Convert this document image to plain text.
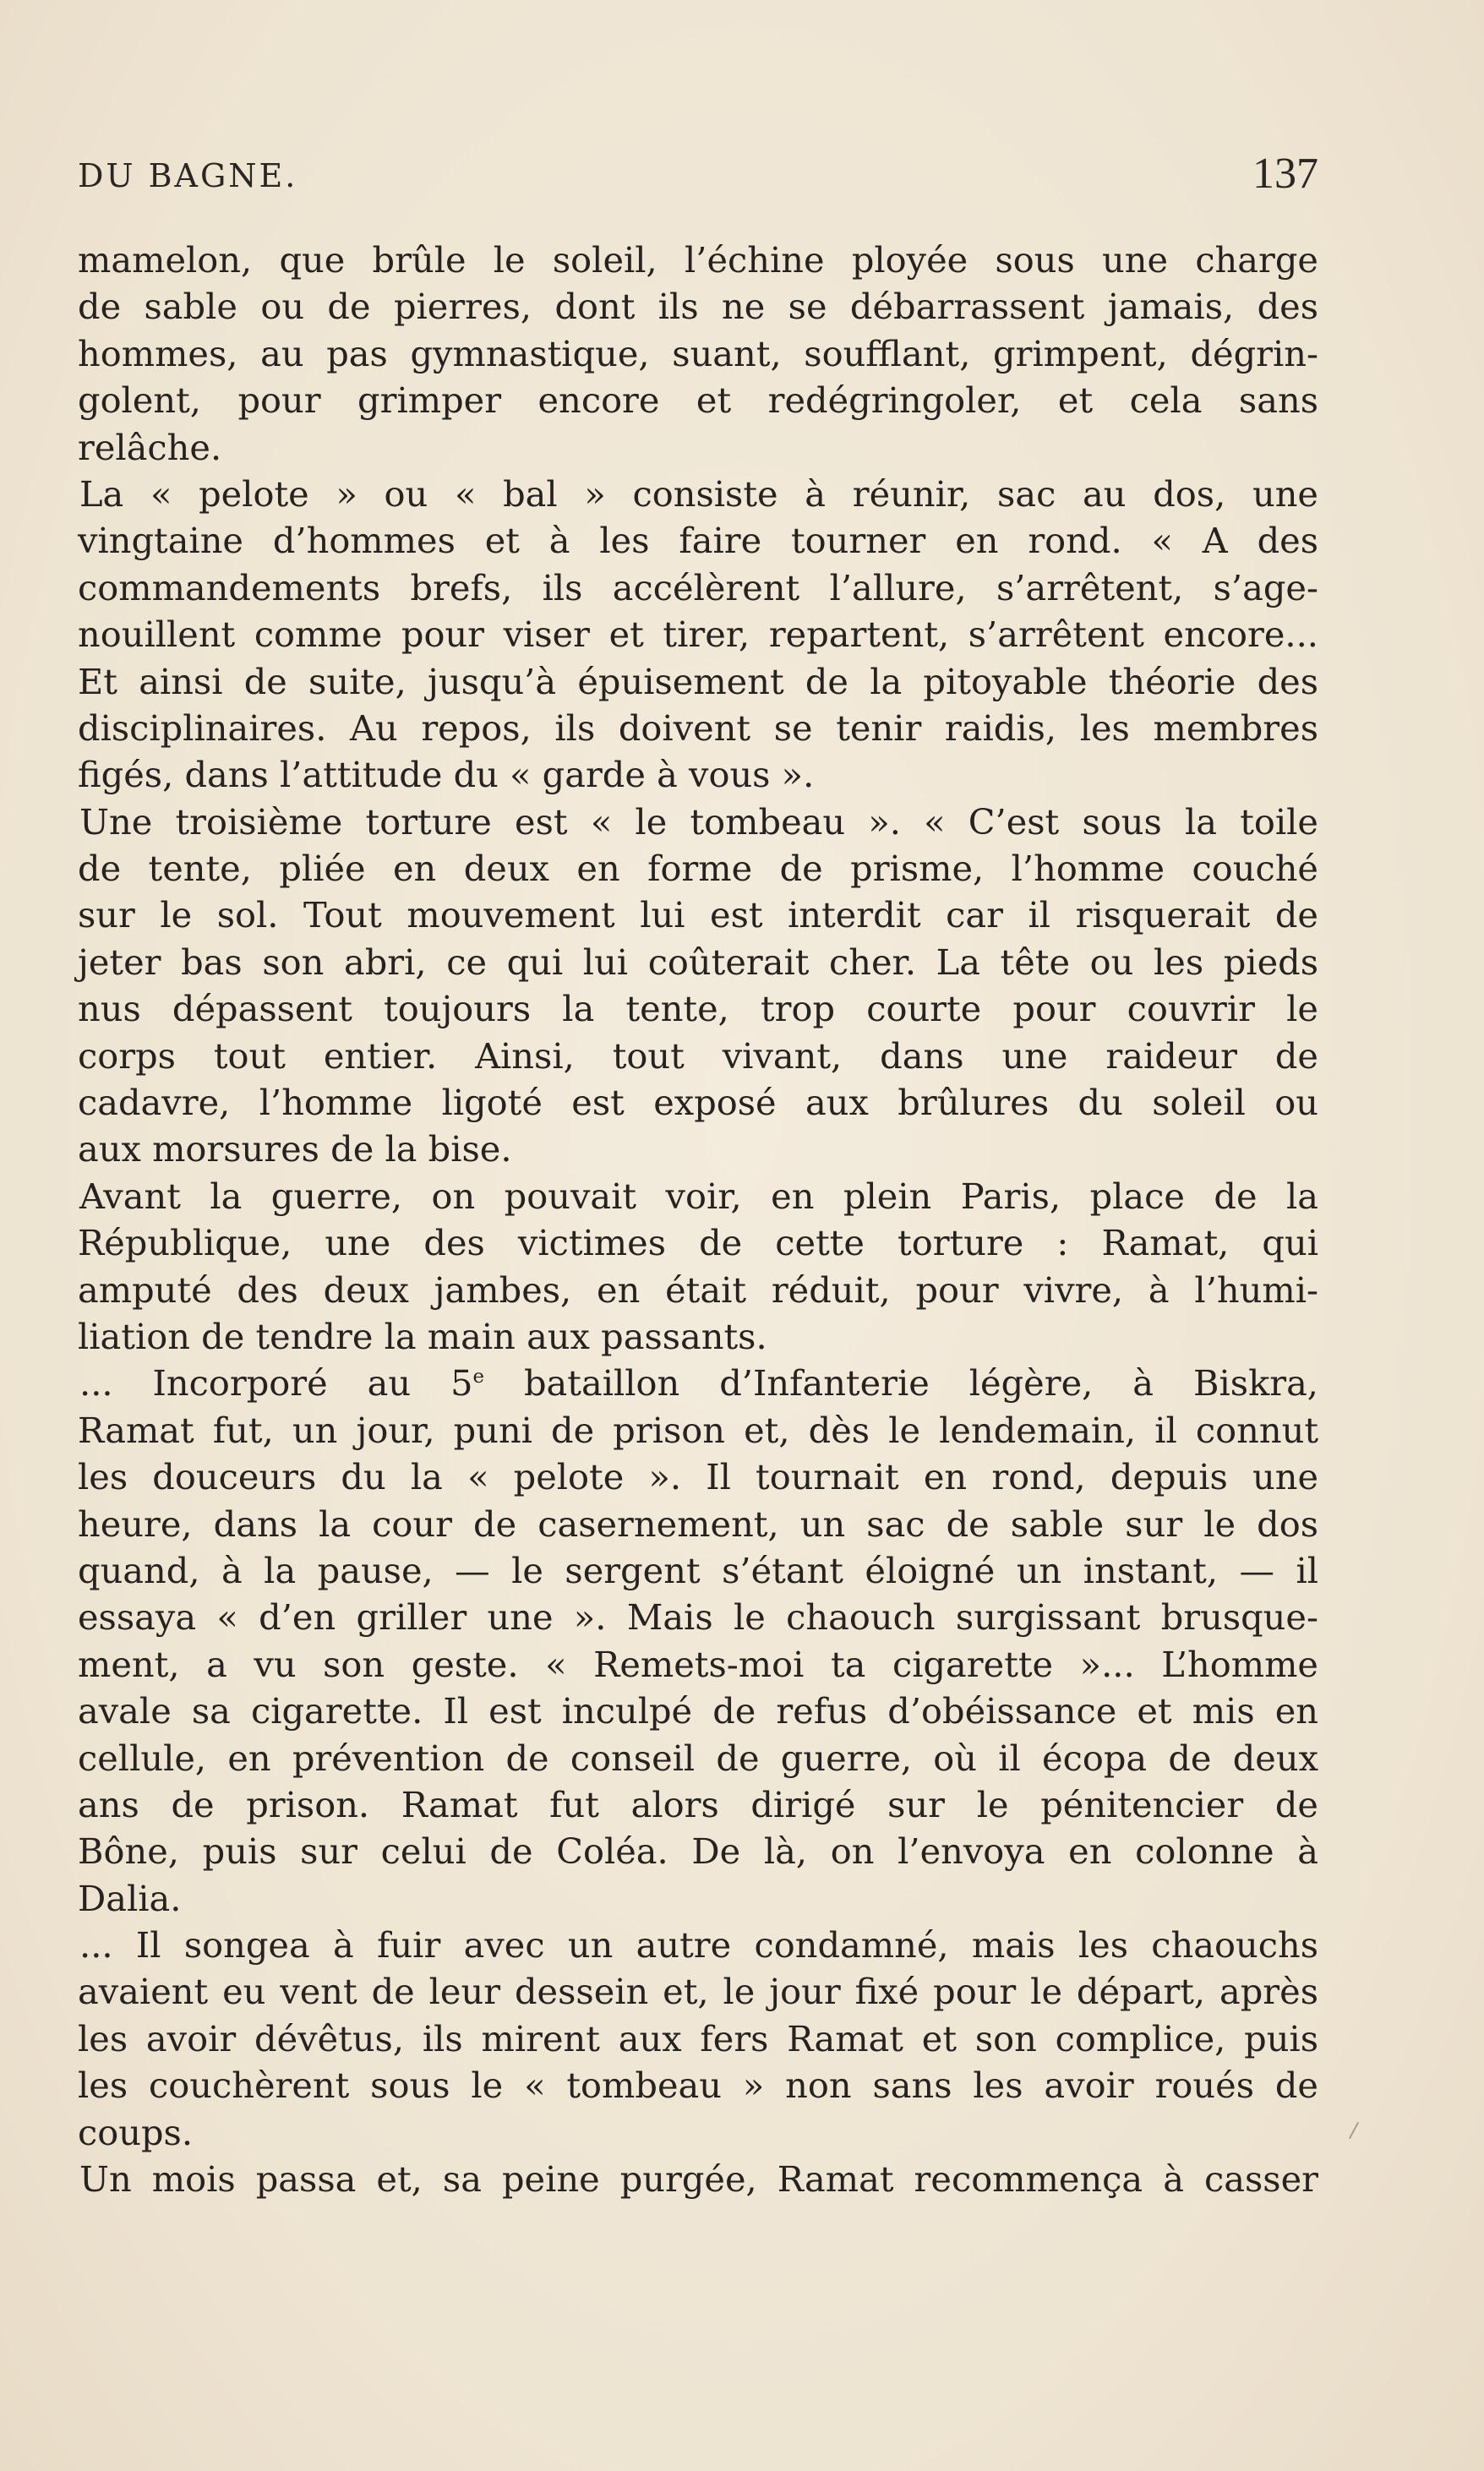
DU BAGNE.	137
mamelon, que brûle le soleil, l’échine ployée sous une charge
de sable ou de pierres, dont ils ne se débarrassent jamais, des
hommes, au pas gymnastique, suant, soufflant, grimpent, dégrin-
golent, pour grimper encore et redégringoler, et cela sans
relâche.
La « pelote » ou « bal » consiste à réunir, sac au dos, une
vingtaine d’hommes et à les faire tourner en rond. « A des
commandements brefs, ils accélèrent l’allure, s’arrêtent, s’age-
nouillent comme pour viser et tirer, repartent, s’arrêtent encore...
Et ainsi de suite, jusqu’à épuisement de la pitoyable théorie des
disciplinaires. Au repos, ils doivent se tenir raidis, les membres
figés, dans l’attitude du « garde à vous ».
Une troisième torture est « le tombeau ». « C’est sous la toile
de tente, pliée en deux en forme de prisme, l’homme couché
sur le sol. Tout mouvement lui est interdit car il risquerait de
jeter bas son abri, ce qui lui coûterait cher. La tête ou les pieds
nus dépassent toujours la tente, trop courte pour couvrir le
corps tout entier. Ainsi, tout vivant, dans une raideur de
cadavre, l’homme ligoté est exposé aux brûlures du soleil ou
aux morsures de la bise.
Avant la guerre, on pouvait voir, en plein Paris, place de la
République, une des victimes de cette torture : Ramat, qui
amputé des deux jambes, en était réduit, pour vivre, à l’humi-
liation de tendre la main aux passants.
... Incorporé au 5e bataillon d’Infanterie légère, à Biskra,
Ramat fut, un jour, puni de prison et, dès le lendemain, il connut
les douceurs du la « pelote ». Il tournait en rond, depuis une
heure, dans la cour de casernement, un sac de sable sur le dos
quand, à la pause, — le sergent s’étant éloigné un instant, — il
essaya « d’en griller une ». Mais le chaouch surgissant brusque-
ment, a vu son geste. « Remets-moi ta cigarette »... L’homme
avale sa cigarette. Il est inculpé de refus d’obéissance et mis en
cellule, en prévention de conseil de guerre, où il écopa de deux
ans de prison. Ramat fut alors dirigé sur le pénitencier de
Bône, puis sur celui de Coléa. De là, on l’envoya en colonne à
Dalia.
... Il songea à fuir avec un autre condamné, mais les chaouchs
avaient eu vent de leur dessein et, le jour fixé pour le départ, après
les avoir dévêtus, ils mirent aux fers Ramat et son complice, puis
les couchèrent sous le « tombeau » non sans les avoir roués de
coups.
Un mois passa et, sa peine purgée, Ramat recommença à casser
